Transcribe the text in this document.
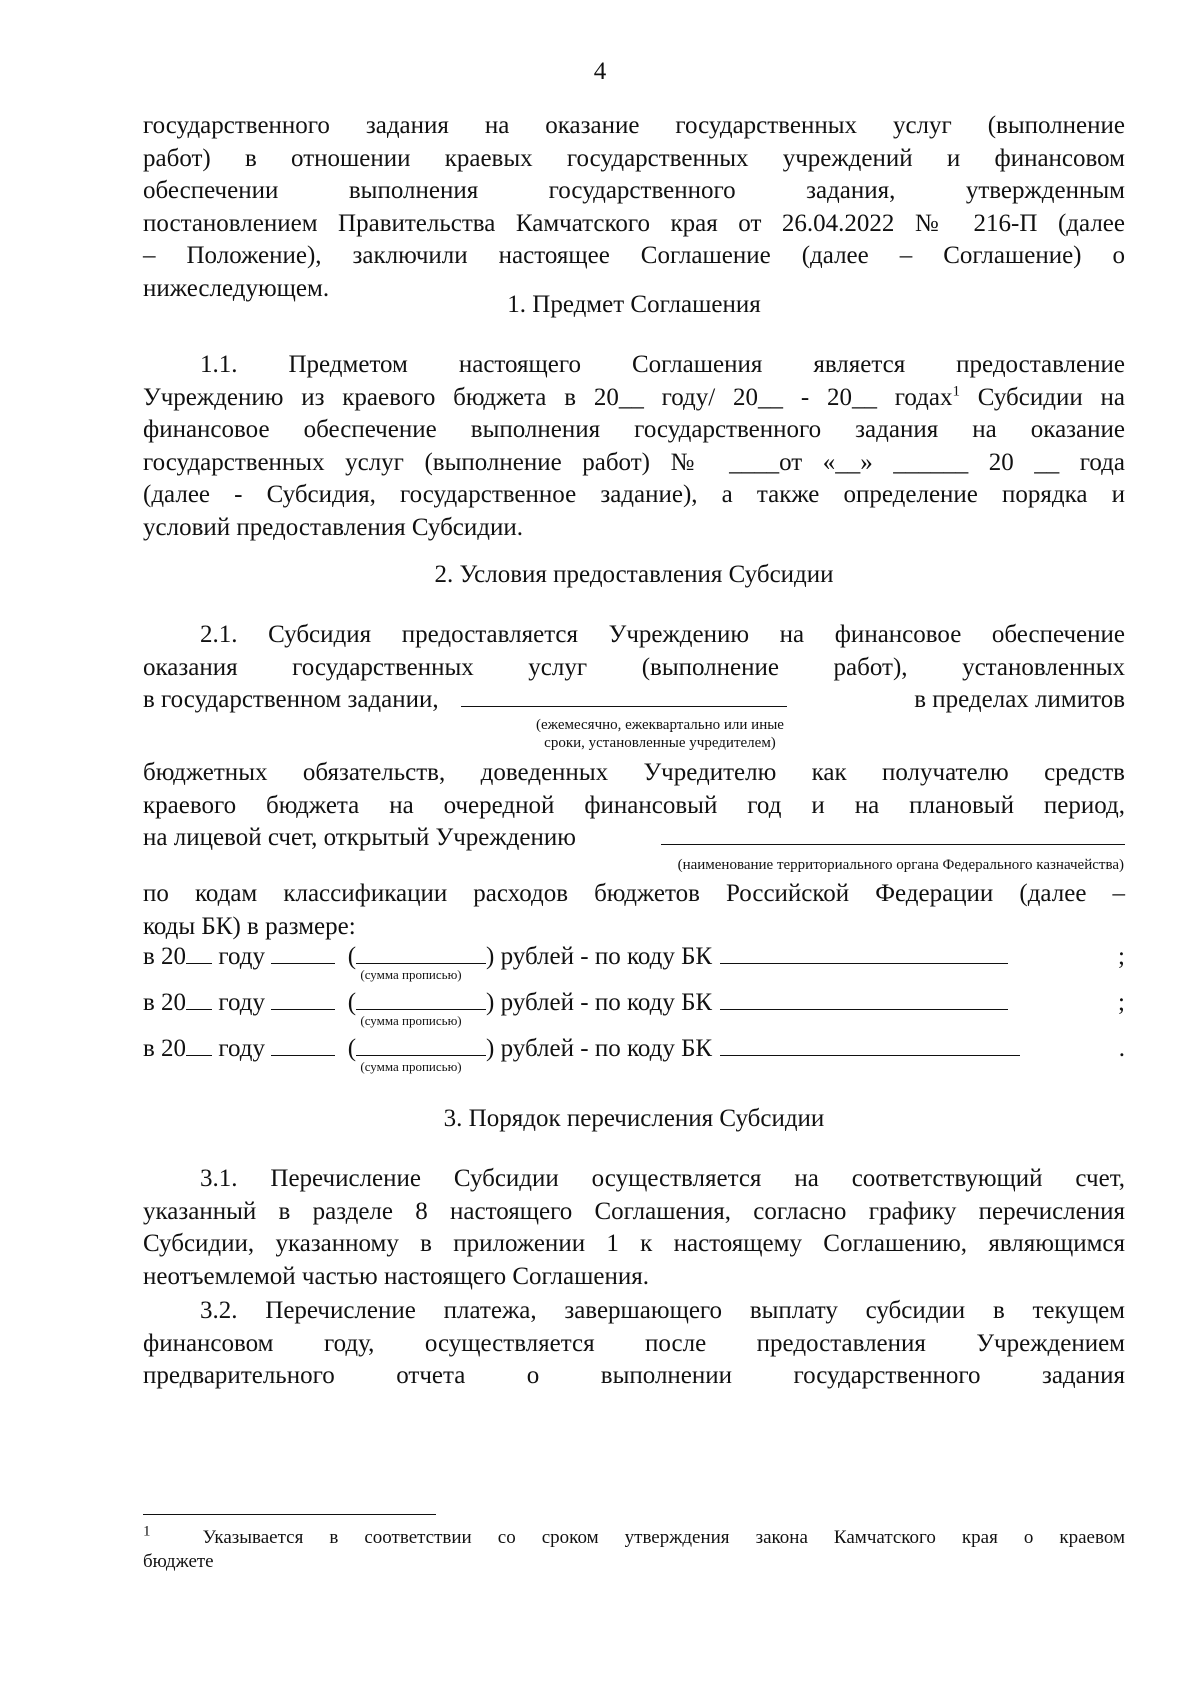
4

государственного задания на оказание государственных услуг (выполнение

работ) в отношении краевых государственных учреждений и финансовом

обеспечении выполнения государственного задания, утвержденным

постановлением Правительства Камчатского края от 26.04.2022 № 216-П (далее

– Положение), заключили настоящее Соглашение (далее – Соглашение) о

нижеследующем.

1. Предмет Соглашения

1.1. Предметом настоящего Соглашения является предоставление

Учреждению из краевого бюджета в 20__ году/ 20__ - 20__ годах$^1$ Субсидии на

финансовое обеспечение выполнения государственного задания на оказание

государственных услуг (выполнение работ) № ____от «__» ______ 20 __ года

(далее - Субсидия, государственное задание), а также определение порядка и

условий предоставления Субсидии.

2. Условия предоставления Субсидии

2.1. Субсидия предоставляется Учреждению на финансовое обеспечение

оказания государственных услуг (выполнение работ), установленных

в государственном задании,	в пределах лимитов
(ежемесячно, ежеквартально или иные
сроки, установленные учредителем)

бюджетных обязательств, доведенных Учредителю как получателю средств

краевого бюджета на очередной финансовый год и на плановый период,

на лицевой счет, открытый Учреждению
(наименование территориального органа Федерального казначейства)

по кодам классификации расходов бюджетов Российской Федерации (далее –

коды БК) в размере:

в 20 году	(	) рублей - по коду БК	;
(сумма прописью)
в 20 году	(	) рублей - по коду БК	;
(сумма прописью)
в 20 году	(	) рублей - по коду БК	.
(сумма прописью)

3. Порядок перечисления Субсидии

3.1. Перечисление Субсидии осуществляется на соответствующий счет,

указанный в разделе 8 настоящего Соглашения, согласно графику перечисления

Субсидии, указанному в приложении 1 к настоящему Соглашению, являющимся

неотъемлемой частью настоящего Соглашения.

3.2. Перечисление платежа, завершающего выплату субсидии в текущем

финансовом году, осуществляется после предоставления Учреждением

предварительного отчета о выполнении государственного задания

$^1$	Указывается в соответствии со сроком утверждения закона Камчатского края о краевом

бюджете
